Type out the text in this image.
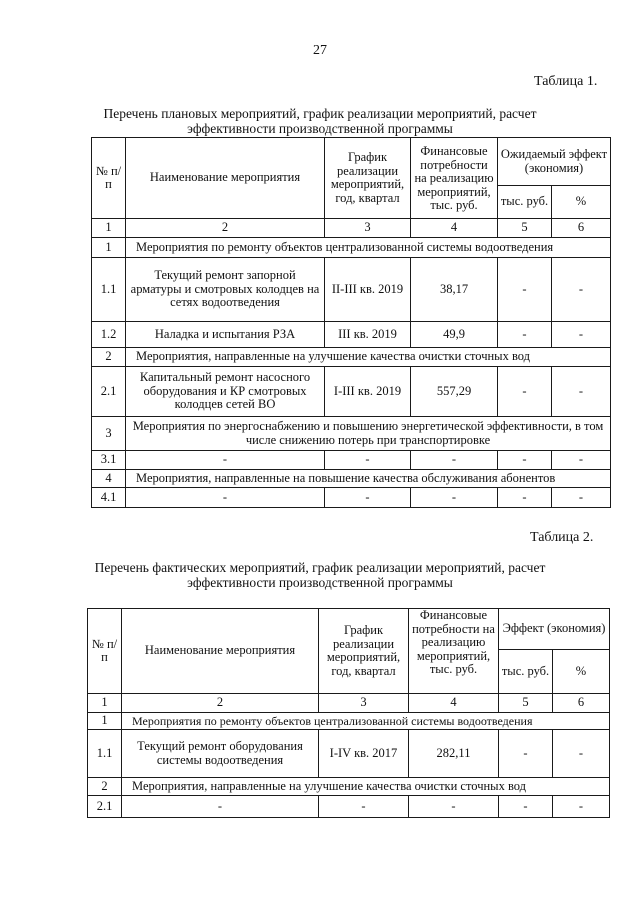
27
Таблица 1.
Перечень плановых мероприятий, график реализации мероприятий, расчет
эффективности производственной программы
№ п/ п	Наименование мероприятия	График реализации мероприятий, год, квартал	Финансовые потребности на реализацию	Ожидаемый эффект (экономия)	
			мероприятий, тыс. руб.	тыс. руб.	%
1	2	3	4	5	6
1	Мероприятия по ремонту объектов централизованной системы водоотведения				
1.1	Текущий ремонт запорной арматуры и смотровых колодцев на сетях водоотведения	II-III кв. 2019	38,17	-	-
1.2	Наладка и испытания РЗА	III кв. 2019	49,9	-	-
2	Мероприятия, направленные на улучшение качества очистки сточных вод				
2.1	Капитальный ремонт насосного оборудования и КР смотровых колодцев сетей ВО	I-III кв. 2019	557,29	-	-
3	Мероприятия по энергоснабжению и повышению энергетической эффективности, в том числе снижению потерь при транспортировке				
3.1	-	-	-	-	-
4	Мероприятия, направленные на повышение качества обслуживания абонентов				
4.1	-	-	-	-	-
Таблица 2.
Перечень фактических мероприятий, график реализации мероприятий, расчет
эффективности производственной программы
№ п/ п	Наименование мероприятия	График реализации мероприятий, год, квартал	Финансовые потребности на реализацию	Эффект (экономия)	
			мероприятий, тыс. руб.	тыс. руб.	%
1	2	3	4	5	6
1	Мероприятия по ремонту объектов централизованной системы водоотведения				
1.1	Текущий ремонт оборудования системы водоотведения	I-IV кв. 2017	282,11	-	-
2	Мероприятия, направленные на улучшение качества очистки сточных вод				
2.1	-	-	-	-	-
